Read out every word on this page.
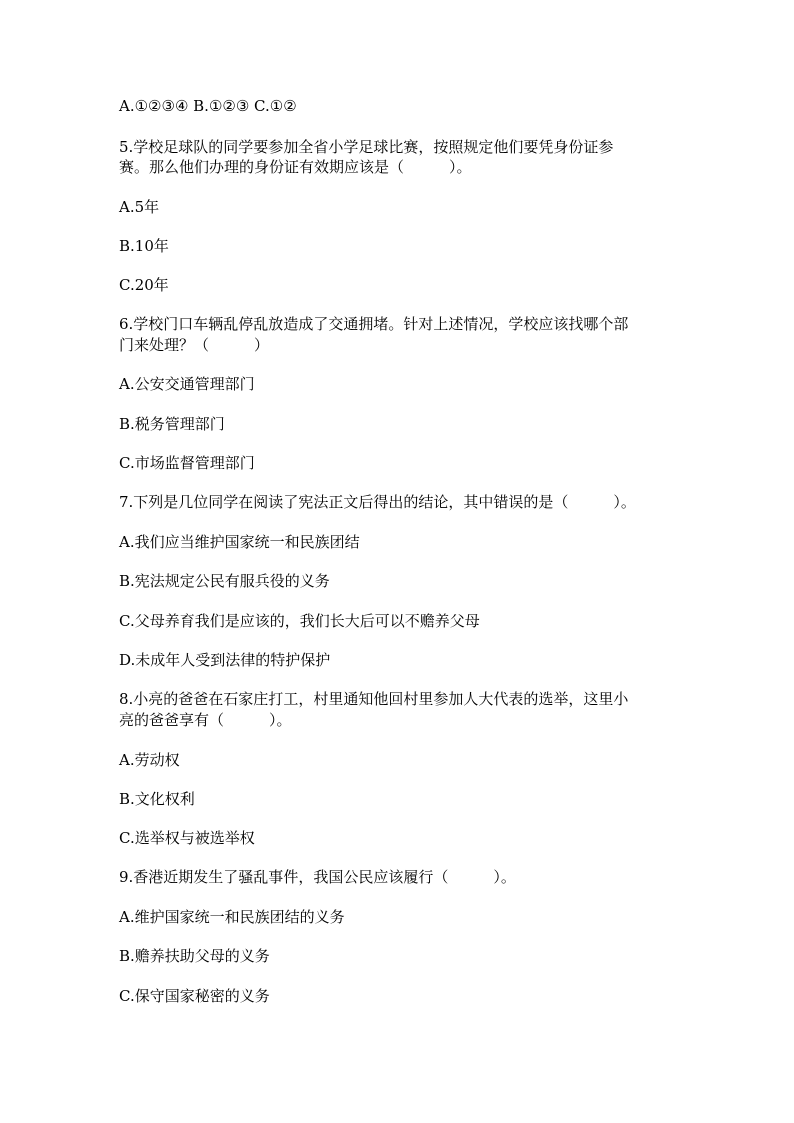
A.①②③④ B.①②③ C.①②
5.学校足球队的同学要参加全省小学足球比赛，按照规定他们要凭身份证参
赛。那么他们办理的身份证有效期应该是（　　　）。
A.5年
B.10年
C.20年
6.学校门口车辆乱停乱放造成了交通拥堵。针对上述情况，学校应该找哪个部
门来处理？（　　　）
A.公安交通管理部门
B.税务管理部门
C.市场监督管理部门
7.下列是几位同学在阅读了宪法正文后得出的结论，其中错误的是（　　　）。
A.我们应当维护国家统一和民族团结
B.宪法规定公民有服兵役的义务
C.父母养育我们是应该的，我们长大后可以不赡养父母
D.未成年人受到法律的特护保护
8.小亮的爸爸在石家庄打工，村里通知他回村里参加人大代表的选举，这里小
亮的爸爸享有（　　　）。
A.劳动权
B.文化权利
C.选举权与被选举权
9.香港近期发生了骚乱事件，我国公民应该履行（　　　）。
A.维护国家统一和民族团结的义务
B.赡养扶助父母的义务
C.保守国家秘密的义务
